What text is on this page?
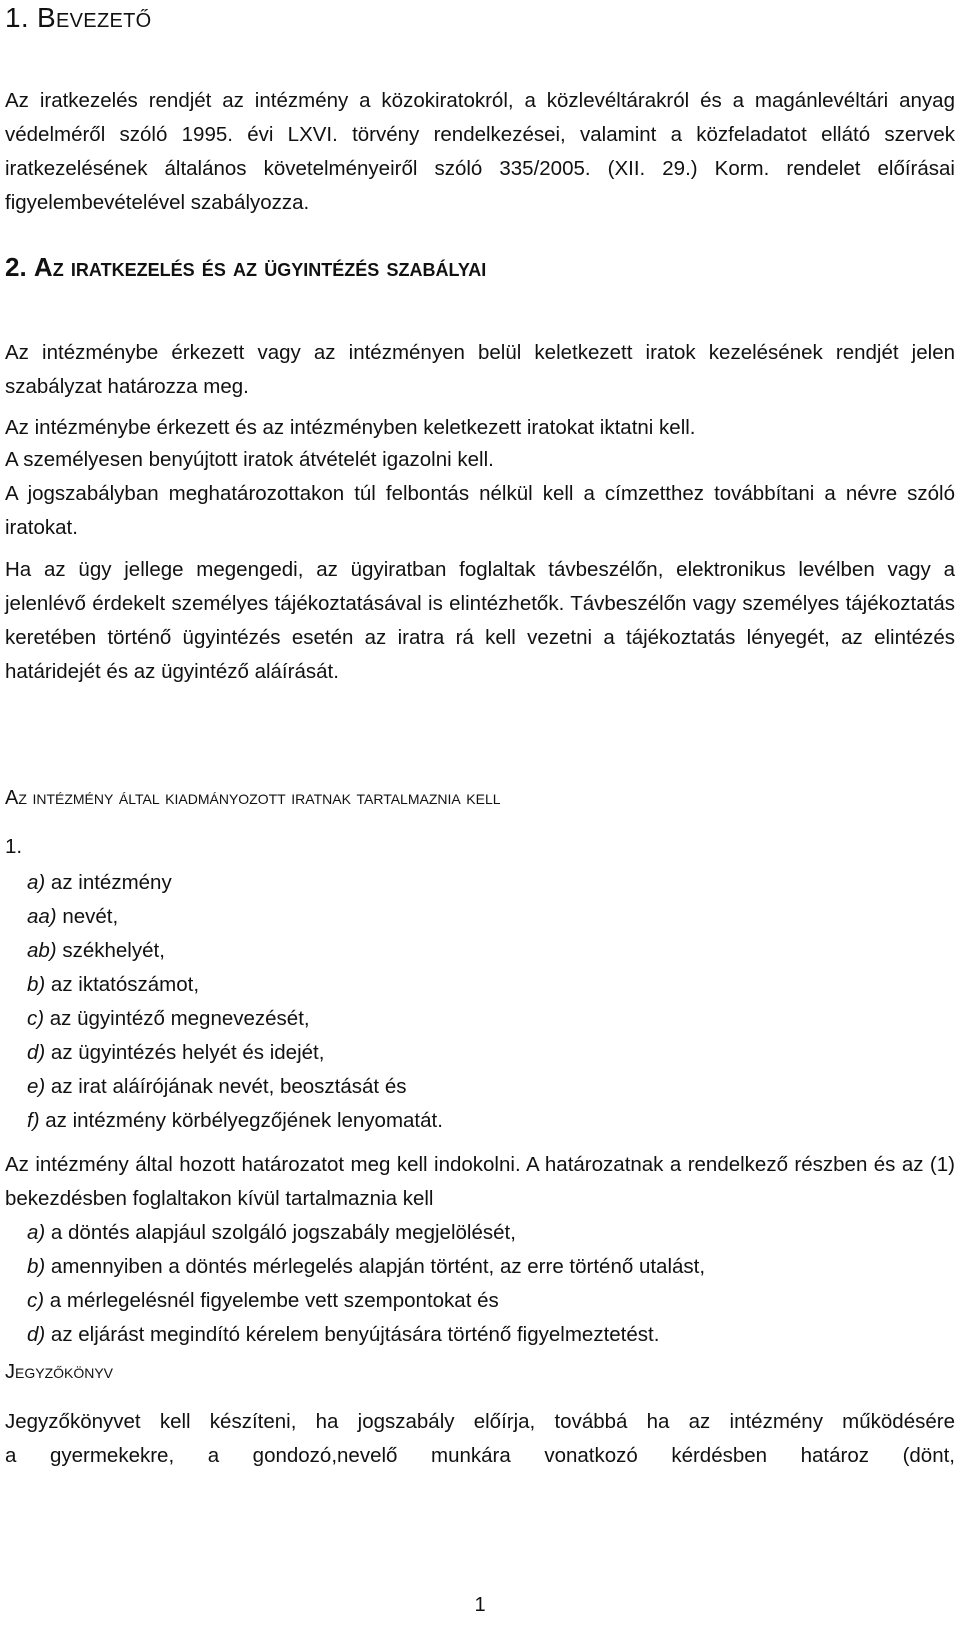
1. Bevezető
Az iratkezelés rendjét az intézmény a közokiratokról, a közlevéltárakról és a magánlevéltári anyag védelméről szóló 1995. évi LXVI. törvény rendelkezései, valamint a közfeladatot ellátó szervek iratkezelésének általános követelményeiről szóló 335/2005. (XII. 29.) Korm. rendelet előírásai figyelembevételével szabályozza.
2. Az iratkezelés és az ügyintézés szabályai
Az intézménybe érkezett vagy az intézményen belül keletkezett iratok kezelésének rendjét jelen szabályzat határozza meg.
Az intézménybe érkezett és az intézményben keletkezett iratokat iktatni kell.
A személyesen benyújtott iratok átvételét igazolni kell.
A jogszabályban meghatározottakon túl felbontás nélkül kell a címzetthez továbbítani a névre szóló iratokat.
Ha az ügy jellege megengedi, az ügyiratban foglaltak távbeszélőn, elektronikus levélben vagy a jelenlévő érdekelt személyes tájékoztatásával is elintézhetők. Távbeszélőn vagy személyes tájékoztatás keretében történő ügyintézés esetén az iratra rá kell vezetni a tájékoztatás lényegét, az elintézés határidejét és az ügyintéző aláírását.
Az intézmény által kiadmányozott iratnak tartalmaznia kell
1.
a) az intézmény
aa) nevét,
ab) székhelyét,
b) az iktatószámot,
c) az ügyintéző megnevezését,
d) az ügyintézés helyét és idejét,
e) az irat aláírójának nevét, beosztását és
f) az intézmény körbélyegzőjének lenyomatát.
Az intézmény által hozott határozatot meg kell indokolni. A határozatnak a rendelkező részben és az (1) bekezdésben foglaltakon kívül tartalmaznia kell
a) a döntés alapjául szolgáló jogszabály megjelölését,
b) amennyiben a döntés mérlegelés alapján történt, az erre történő utalást,
c) a mérlegelésnél figyelembe vett szempontokat és
d) az eljárást megindító kérelem benyújtására történő figyelmeztetést.
Jegyzőkönyv
Jegyzőkönyvet kell készíteni, ha jogszabály előírja, továbbá ha az intézmény működésére
a gyermekekre, a gondozó,nevelő munkára vonatkozó kérdésben határoz (dönt,
1
